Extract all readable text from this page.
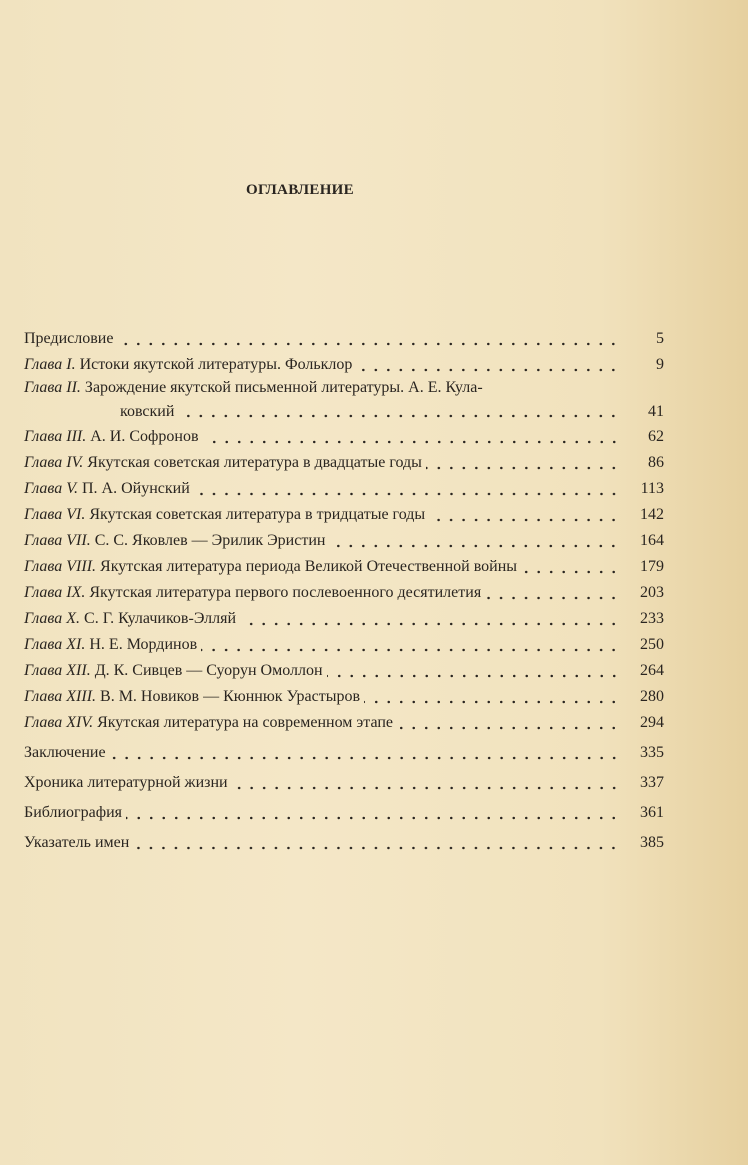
ОГЛАВЛЕНИЕ
Предисловие	5
Глава I. Истоки якутской литературы. Фольклор	9
Глава II. Зарождение якутской письменной литературы. А. Е. Кула-
ковский	41
Глава III. А. И. Софронов	62
Глава IV. Якутская советская литература в двадцатые годы	86
Глава V. П. А. Ойунский	113
Глава VI. Якутская советская литература в тридцатые годы	142
Глава VII. С. С. Яковлев — Эрилик Эристин	164
Глава VIII. Якутская литература периода Великой Отечественной войны	179
Глава IX. Якутская литература первого послевоенного десятилетия	203
Глава X. С. Г. Кулачиков-Элляй	233
Глава XI. Н. Е. Мординов	250
Глава XII. Д. К. Сивцев — Суорун Омоллон	264
Глава XIII. В. М. Новиков — Кюннюк Урастыров	280
Глава XIV. Якутская литература на современном этапе	294
Заключение	335
Хроника литературной жизни	337
Библиография	361
Указатель имен	385
